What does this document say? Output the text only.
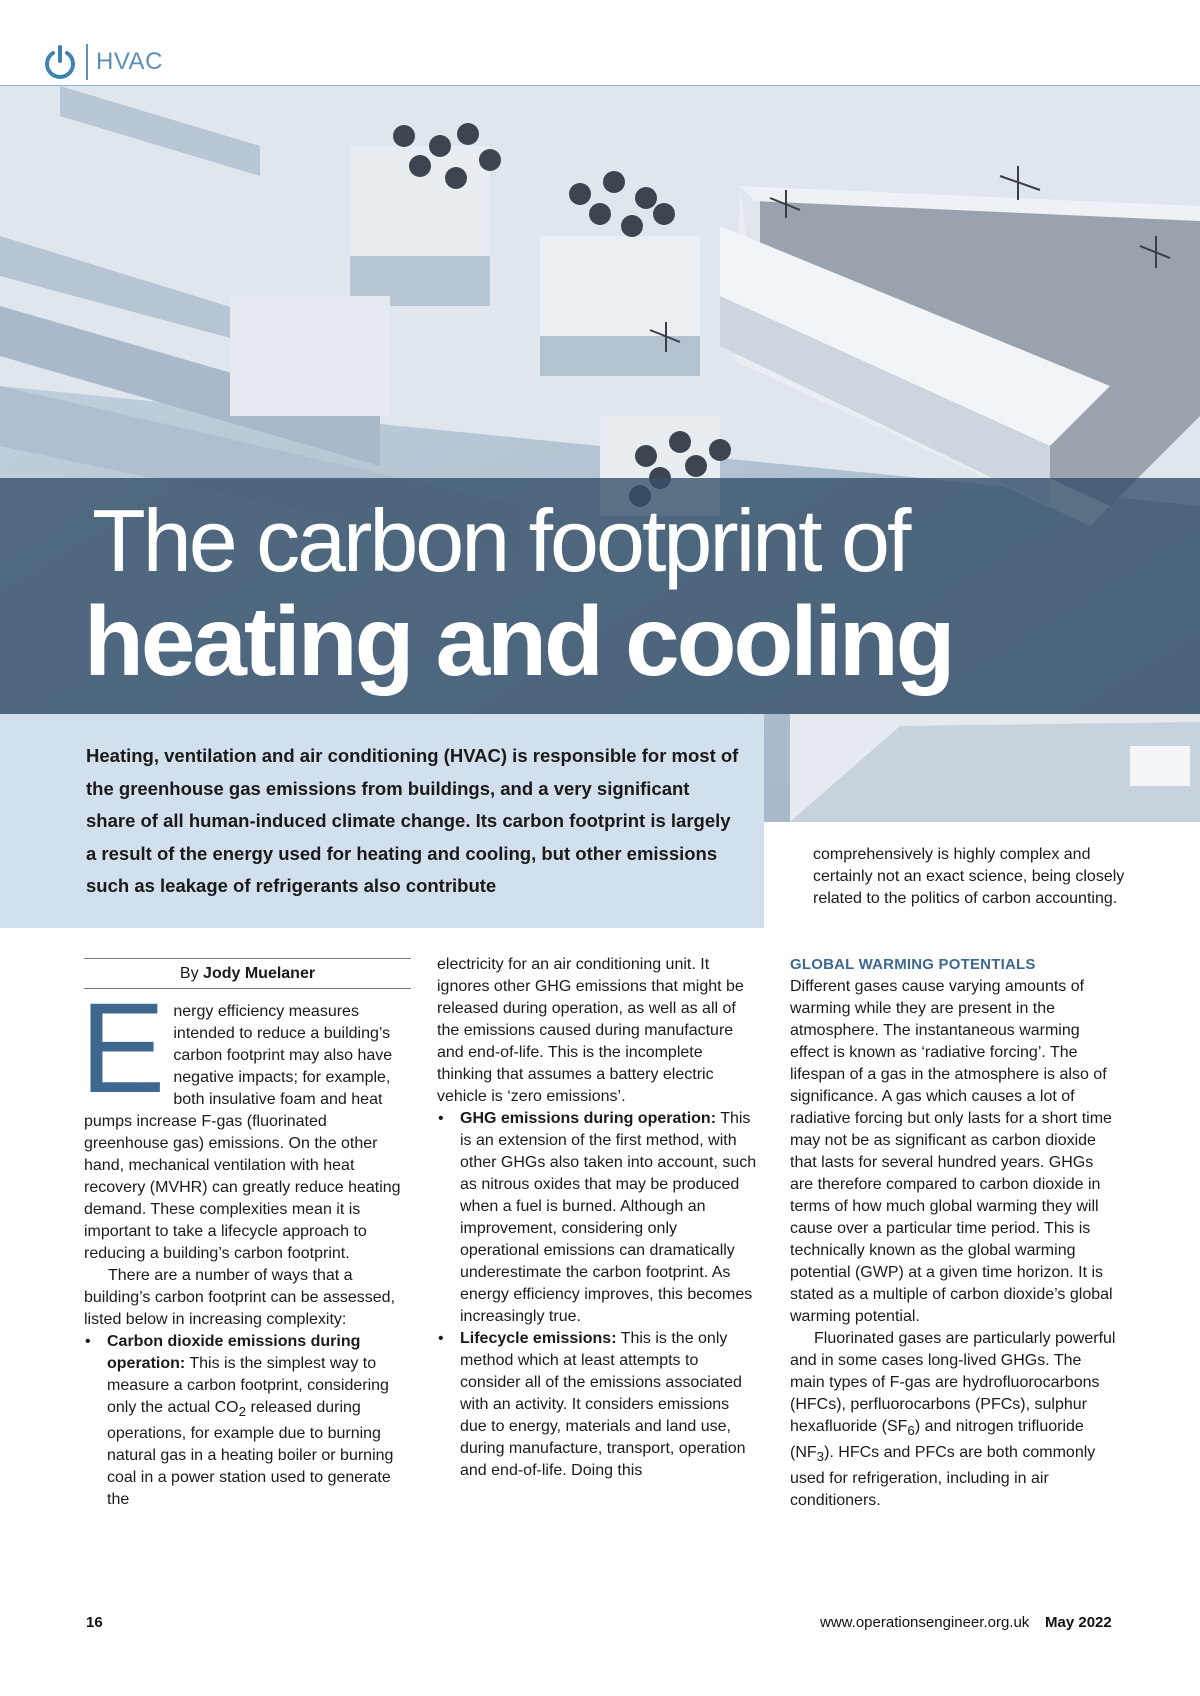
HVAC
The carbon footprint of
heating and cooling

Heating, ventilation and air conditioning (HVAC) is responsible for most of the greenhouse gas emissions from buildings, and a very significant share of all human-induced climate change. Its carbon footprint is largely a result of the energy used for heating and cooling, but other emissions such as leakage of refrigerants also contribute

comprehensively is highly complex and certainly not an exact science, being closely related to the politics of carbon accounting.

By Jody Muelaner

Energy efficiency measures intended to reduce a building’s carbon footprint may also have negative impacts; for example, both insulative foam and heat pumps increase F-gas (fluorinated greenhouse gas) emissions. On the other hand, mechanical ventilation with heat recovery (MVHR) can greatly reduce heating demand. These complexities mean it is important to take a lifecycle approach to reducing a building’s carbon footprint.

There are a number of ways that a building’s carbon footprint can be assessed, listed below in increasing complexity:

• Carbon dioxide emissions during operation: This is the simplest way to measure a carbon footprint, considering only the actual $CO_2$ released during operations, for example due to burning natural gas in a heating boiler or burning coal in a power station used to generate the

electricity for an air conditioning unit. It ignores other GHG emissions that might be released during operation, as well as all of the emissions caused during manufacture and end-of-life. This is the incomplete thinking that assumes a battery electric vehicle is ‘zero emissions’.

• GHG emissions during operation: This is an extension of the first method, with other GHGs also taken into account, such as nitrous oxides that may be produced when a fuel is burned. Although an improvement, considering only operational emissions can dramatically underestimate the carbon footprint. As energy efficiency improves, this becomes increasingly true.
• Lifecycle emissions: This is the only method which at least attempts to consider all of the emissions associated with an activity. It considers emissions due to energy, materials and land use, during manufacture, transport, operation and end-of-life. Doing this
GLOBAL WARMING POTENTIALS

Different gases cause varying amounts of warming while they are present in the atmosphere. The instantaneous warming effect is known as ‘radiative forcing’. The lifespan of a gas in the atmosphere is also of significance. A gas which causes a lot of radiative forcing but only lasts for a short time may not be as significant as carbon dioxide that lasts for several hundred years. GHGs are therefore compared to carbon dioxide in terms of how much global warming they will cause over a particular time period. This is technically known as the global warming potential (GWP) at a given time horizon. It is stated as a multiple of carbon dioxide’s global warming potential.

Fluorinated gases are particularly powerful and in some cases long-lived GHGs. The main types of F-gas are hydrofluorocarbons (HFCs), perfluorocarbons (PFCs), sulphur hexafluoride $(SF_6)$ and nitrogen trifluoride $(NF_3)$. HFCs and PFCs are both commonly used for refrigeration, including in air conditioners.

16	www.operationsengineer.org.uk May 2022
